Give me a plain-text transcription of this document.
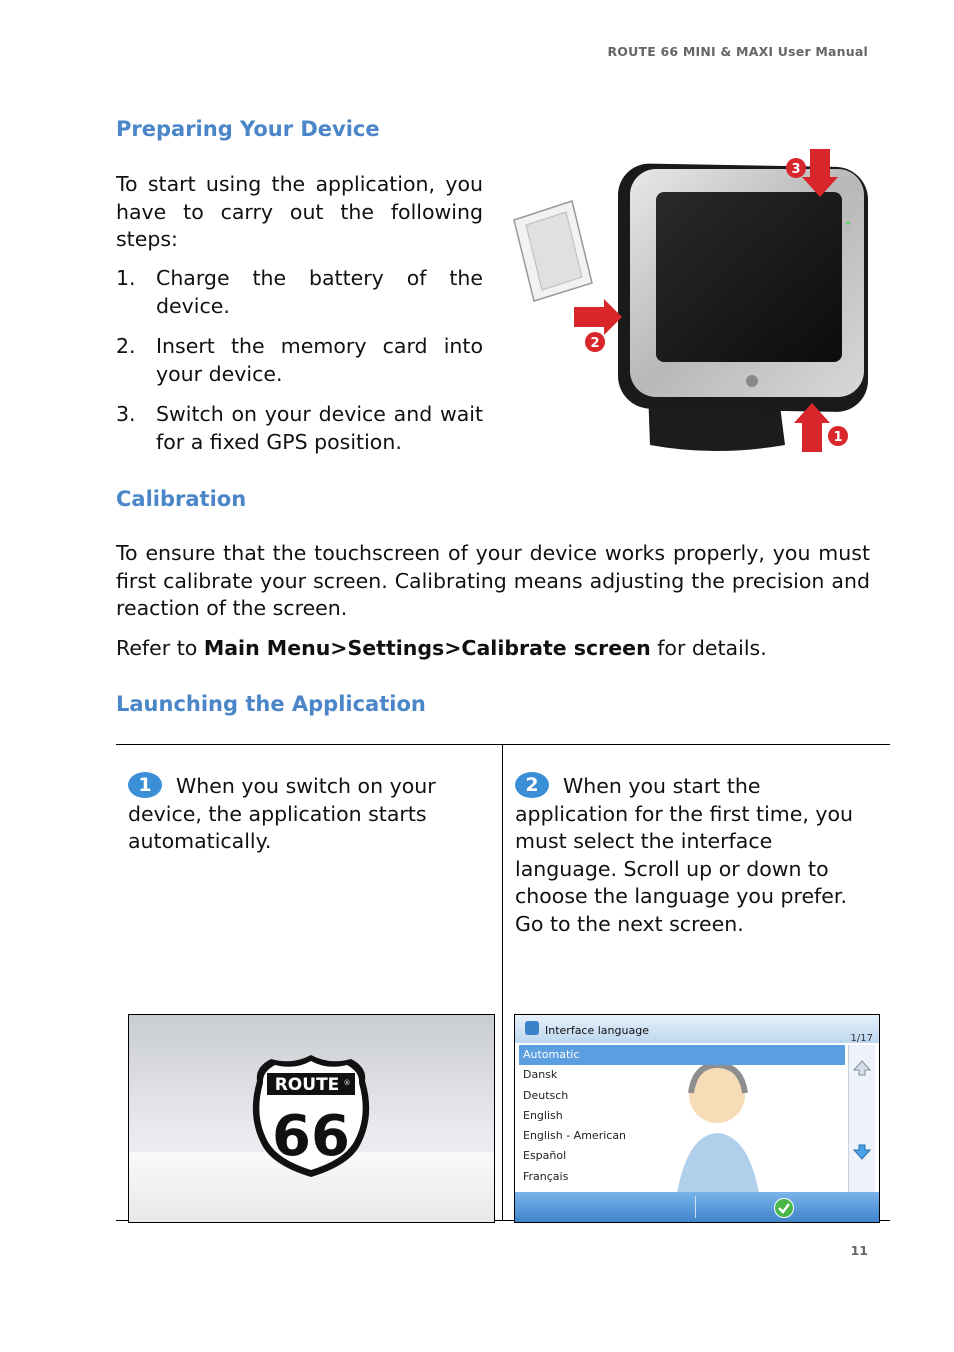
ROUTE 66 MINI & MAXI User Manual
Preparing Your Device
To start using the application, you have to carry out the following steps:
1. Charge the battery of the device.
2. Insert the memory card into your device.
3. Switch on your device and wait for a fixed GPS position.
3
2
1
Calibration
To ensure that the touchscreen of your device works properly, you must first calibrate your screen. Calibrating means adjusting the precision and reaction of the screen.
Refer to Main Menu>Settings>Calibrate screen for details.
Launching the Application
1 When you switch on your
device, the application starts automatically.
2 When you start the
application for the first time, you must select the interface language. Scroll up or down to choose the language you prefer. Go to the next screen.
ROUTE ®
66
Interface language
1/17
Automatic
Dansk
Deutsch
English
English - American
Español
Français
11
